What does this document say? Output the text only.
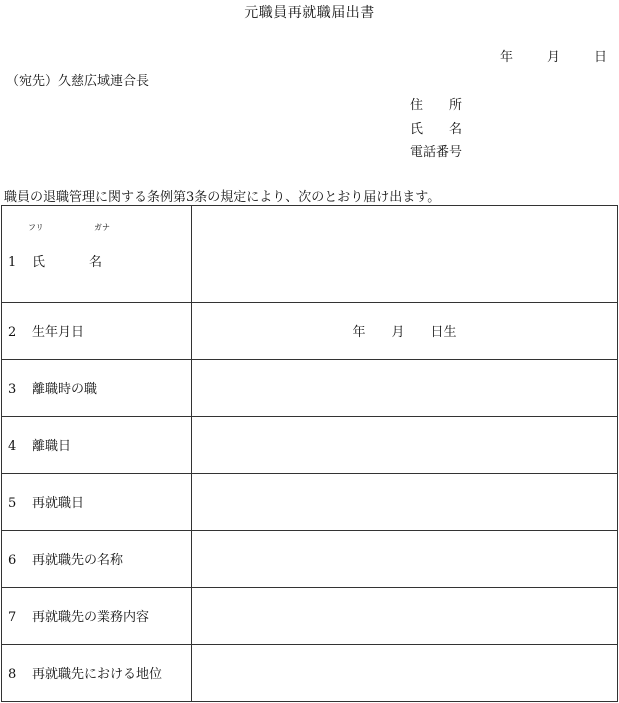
元職員再就職届出書
年	月	日
（宛先）久慈広域連合長
住　　所
氏　　名
電話番号
職員の退職管理に関する条例第3条の規定により、次のとおり届け出ます。
フリ ガナ
1 氏 名	

2 生年月日	年　　月　　日生

3 離職時の職	

4 離職日	

5 再就職日	

6 再就職先の名称	

7 再就職先の業務内容	

8 再就職先における地位	
